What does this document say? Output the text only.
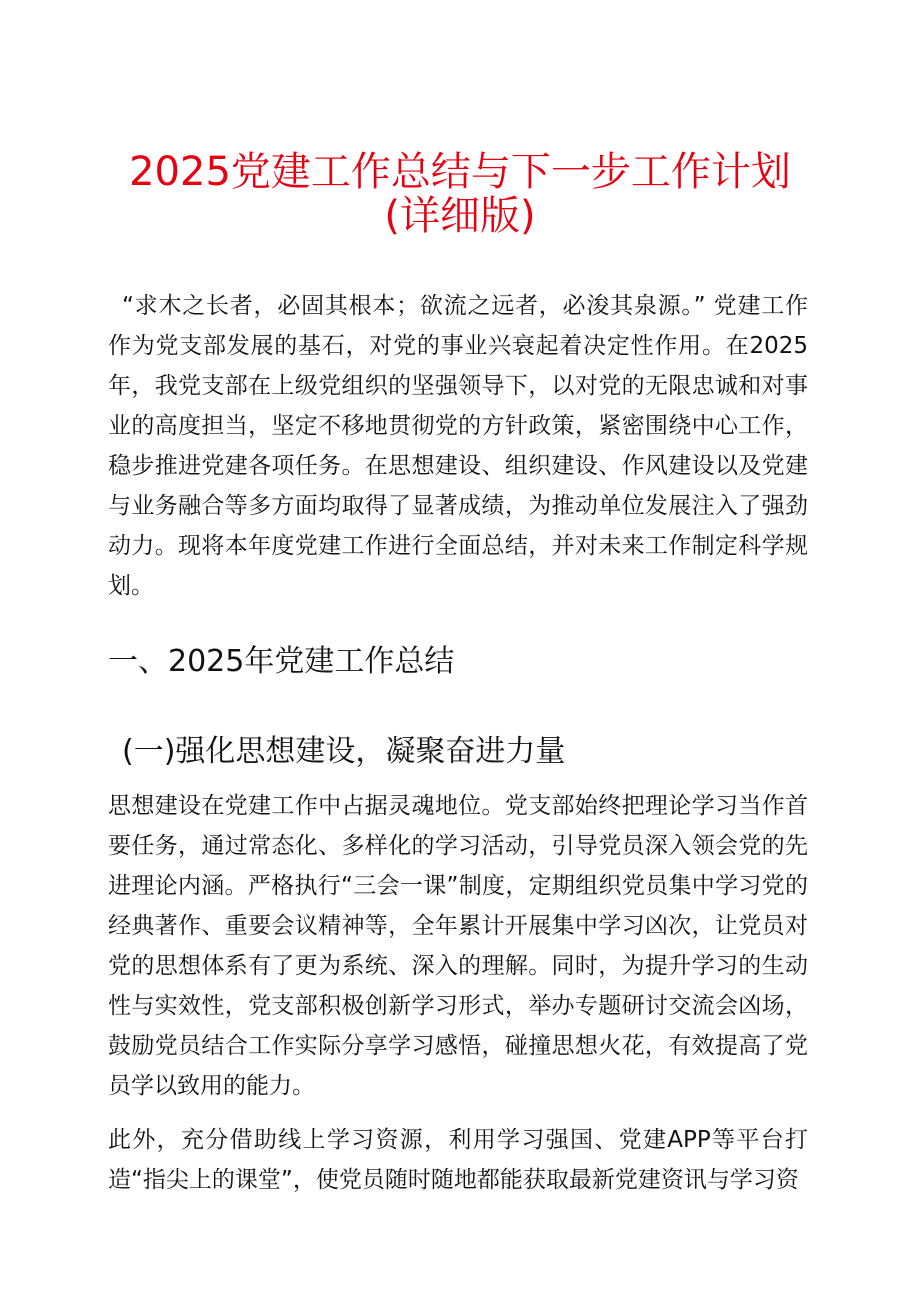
2025党建工作总结与下一步工作计划
(详细版)

“求木之长者，必固其根本；欲流之远者，必浚其泉源。” 党建工作作为党支部发展的基石，对党的事业兴衰起着决定性作用。在2025年，我党支部在上级党组织的坚强领导下，以对党的无限忠诚和对事业的高度担当，坚定不移地贯彻党的方针政策，紧密围绕中心工作，稳步推进党建各项任务。在思想建设、组织建设、作风建设以及党建与业务融合等多方面均取得了显著成绩，为推动单位发展注入了强劲动力。现将本年度党建工作进行全面总结，并对未来工作制定科学规划。

一、2025年党建工作总结
(一)强化思想建设，凝聚奋进力量

思想建设在党建工作中占据灵魂地位。党支部始终把理论学习当作首要任务，通过常态化、多样化的学习活动，引导党员深入领会党的先进理论内涵。严格执行“三会一课”制度，定期组织党员集中学习党的经典著作、重要会议精神等，全年累计开展集中学习凶次，让党员对党的思想体系有了更为系统、深入的理解。同时，为提升学习的生动性与实效性，党支部积极创新学习形式，举办专题研讨交流会凶场，鼓励党员结合工作实际分享学习感悟，碰撞思想火花，有效提高了党员学以致用的能力。

此外，充分借助线上学习资源，利用学习强国、党建APP等平台打造“指尖上的课堂”，使党员随时随地都能获取最新党建资讯与学习资
